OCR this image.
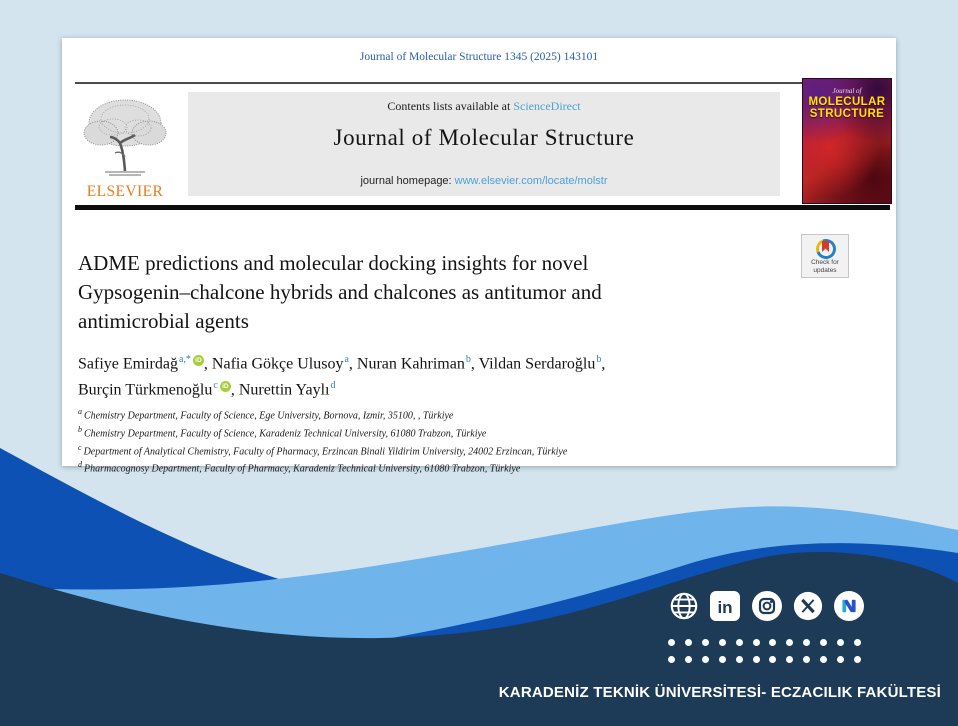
Journal of Molecular Structure 1345 (2025) 143101
ELSEVIER
Contents lists available at ScienceDirect
Journal of Molecular Structure
journal homepage: www.elsevier.com/locate/molstr
Journal of
MOLECULAR
STRUCTURE
Check for
updates
ADME predictions and molecular docking insights for novel
Gypsogenin–chalcone hybrids and chalcones as antitumor and
antimicrobial agents
Safiye Emirdağ$^{a,*}$ iD , Nafia Gökçe Ulusoy$^a$, Nuran Kahriman$^b$, Vildan Serdaroğlu$^b$,
Burçin Türkmenoğlu$^c$ iD , Nurettin Yaylı$^d$
$^a$ Chemistry Department, Faculty of Science, Ege University, Bornova, Izmir, 35100, , Türkiye
$^b$ Chemistry Department, Faculty of Science, Karadeniz Technical University, 61080 Trabzon, Türkiye
$^c$ Department of Analytical Chemistry, Faculty of Pharmacy, Erzincan Binali Yildirim University, 24002 Erzincan, Türkiye
$^d$ Pharmacognosy Department, Faculty of Pharmacy, Karadeniz Technical University, 61080 Trabzon, Türkiye
in
KARADENİZ TEKNİK ÜNİVERSİTESİ- ECZACILIK FAKÜLTESİ
